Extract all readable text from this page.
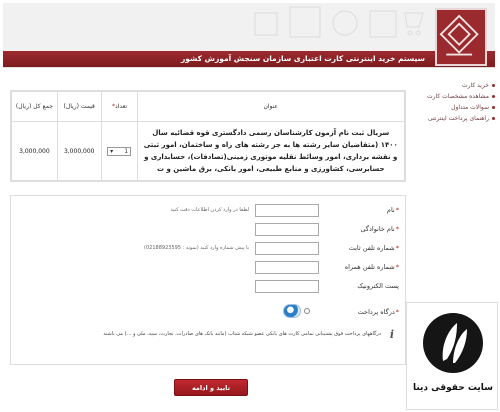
سیستم خرید اینترنتی کارت اعتباری سازمان سنجش آموزش کشور
خرید کارت
مشاهده مشخصات کارت
سوالات متداول
راهنمای پرداخت اینترنتی
جمع کل (ریال)	قیمت (ریال)	* تعداد	عنوان
3,000,000	3,000,000	▾ 1	سریال ثبت نام آزمون کارشناسان رسمی دادگستری قوه قضائیه سال ۱۴۰۰ (متقاضیان سایر رشته ها به جز رشته های راه و ساختمان، امور ثبتی و نقشه برداری، امور وسائط نقلیه موتوری زمینی(تصادفات)، حسابداری و حسابرسی، کشاورزی و منابع طبیعی، امور بانکی، برق ماشین و ت
* نام
لطفا در وارد کردن اطلاعات دقت کنید
* نام خانوادگی
* شماره تلفن ثابت
با پیش شماره وارد کنید (نمونه : 02188923595)
* شماره تلفن همراه
پست الکترونیک
* درگاه پرداخت
i
درگاههای پرداخت فوق پشتیبانی تمامی کارت های بانکی عضو شبکه شتاب (مانند بانک های صادرات، تجارت، سپه، ملی و ...) می باشند
تایید و ادامه	سایت حقوقی دینا
